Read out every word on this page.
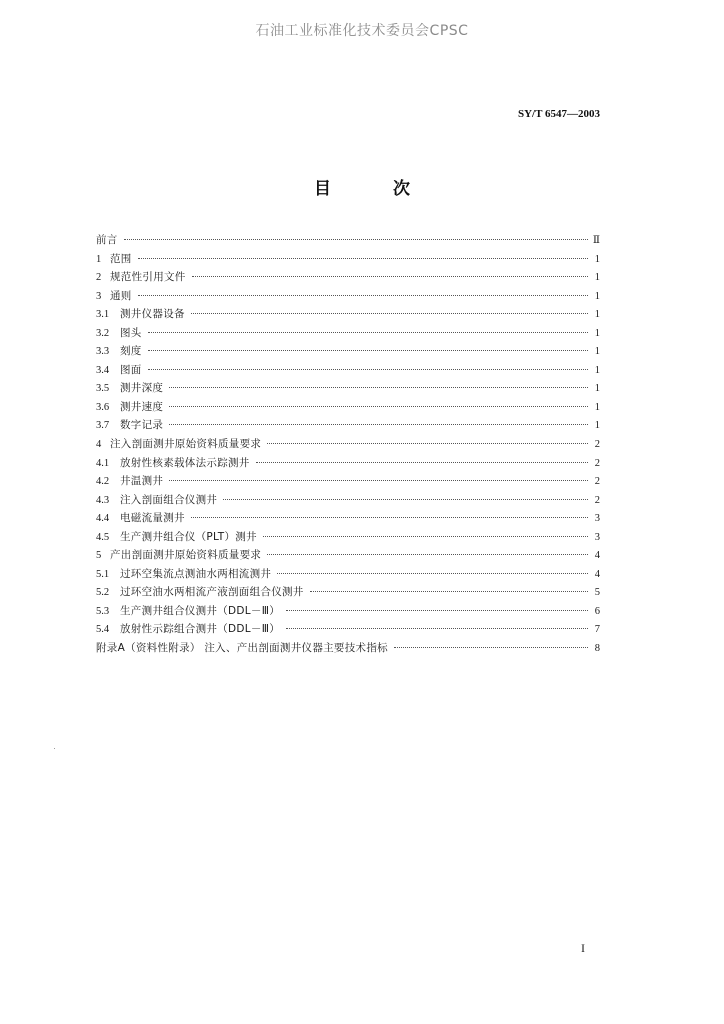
石油工业标准化技术委员会CPSC
SY/T 6547—2003
目 次
前言	Ⅱ
1 范围	1
2 规范性引用文件	1
3 通则	1
3.1	测井仪器设备	1
3.2	图头	1
3.3	刻度	1
3.4	图面	1
3.5	测井深度	1
3.6	测井速度	1
3.7	数字记录	1
4 注入剖面测井原始资料质量要求	2
4.1	放射性核素载体法示踪测井	2
4.2	井温测井	2
4.3	注入剖面组合仪测井	2
4.4	电磁流量测井	3
4.5	生产测井组合仪（PLT）测井	3
5 产出剖面测井原始资料质量要求	4
5.1	过环空集流点测油水两相流测井	4
5.2	过环空油水两相流产液剖面组合仪测井	5
5.3	生产测井组合仪测井（DDL－Ⅲ）	6
5.4	放射性示踪组合测井（DDL－Ⅲ）	7
附录A（资料性附录） 注入、产出剖面测井仪器主要技术指标	8
I
